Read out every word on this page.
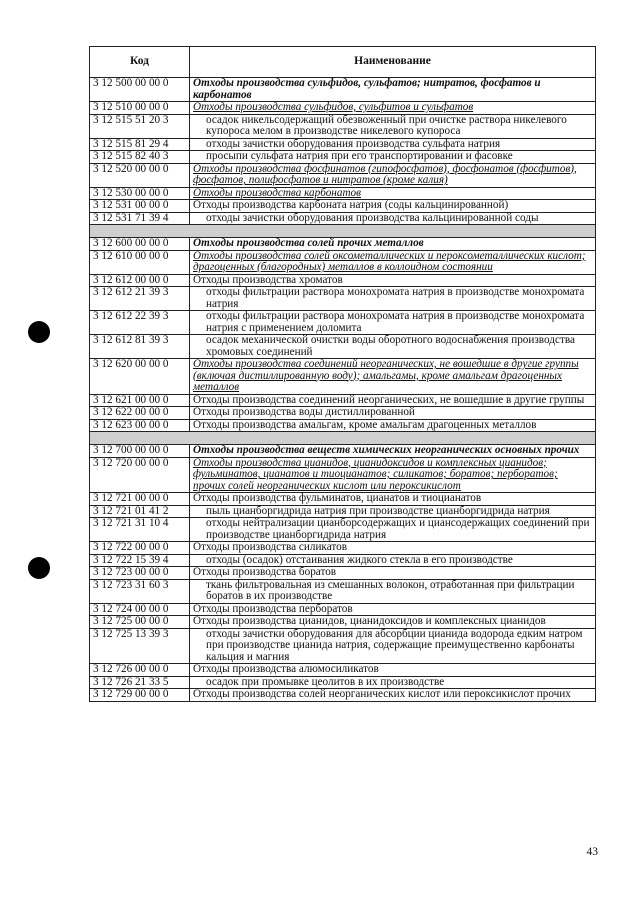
Код	Наименование
3 12 500 00 00 0	Отходы производства сульфидов, сульфатов; нитратов, фосфатов и карбонатов
3 12 510 00 00 0	Отходы производства сульфидов, сульфитов и сульфатов
3 12 515 51 20 3	осадок никельсодержащий обезвоженный при очистке раствора никелевого купороса мелом в производстве никелевого купороса
3 12 515 81 29 4	отходы зачистки оборудования производства сульфата натрия
3 12 515 82 40 3	просыпи сульфата натрия при его транспортировании и фасовке
3 12 520 00 00 0	Отходы производства фосфинатов (гипофосфатов), фосфонатов (фосфитов), фосфатов, полифосфатов и нитратов (кроме калия)
3 12 530 00 00 0	Отходы производства карбонатов
3 12 531 00 00 0	Отходы производства карбоната натрия (соды кальцинированной)
3 12 531 71 39 4	отходы зачистки оборудования производства кальцинированной соды

3 12 600 00 00 0	Отходы производства солей прочих металлов
3 12 610 00 00 0	Отходы производства солей оксометаллических и пероксометаллических кислот; драгоценных (благородных) металлов в коллоидном состоянии
3 12 612 00 00 0	Отходы производства хроматов
3 12 612 21 39 3	отходы фильтрации раствора монохромата натрия в производстве монохромата натрия
3 12 612 22 39 3	отходы фильтрации раствора монохромата натрия в производстве монохромата натрия с применением доломита
3 12 612 81 39 3	осадок механической очистки воды оборотного водоснабжения производства хромовых соединений
3 12 620 00 00 0	Отходы производства соединений неорганических, не вошедшие в другие группы (включая дистиллированную воду); амальгамы, кроме амальгам драгоценных металлов
3 12 621 00 00 0	Отходы производства соединений неорганических, не вошедшие в другие группы
3 12 622 00 00 0	Отходы производства воды дистиллированной
3 12 623 00 00 0	Отходы производства амальгам, кроме амальгам драгоценных металлов

3 12 700 00 00 0	Отходы производства веществ химических неорганических основных прочих
3 12 720 00 00 0	Отходы производства цианидов, цианидоксидов и комплексных цианидов; фульминатов, цианатов и тиоцианатов; силикатов; боратов; перборатов; прочих солей неорганических кислот или пероксикислот
3 12 721 00 00 0	Отходы производства фульминатов, цианатов и тиоцианатов
3 12 721 01 41 2	пыль цианборгидрида натрия при производстве цианборгидрида натрия
3 12 721 31 10 4	отходы нейтрализации цианборсодержащих и циансодержащих соединений при производстве цианборгидрида натрия
3 12 722 00 00 0	Отходы производства силикатов
3 12 722 15 39 4	отходы (осадок) отстаивания жидкого стекла в его производстве
3 12 723 00 00 0	Отходы производства боратов
3 12 723 31 60 3	ткань фильтровальная из смешанных волокон, отработанная при фильтрации боратов в их производстве
3 12 724 00 00 0	Отходы производства перборатов
3 12 725 00 00 0	Отходы производства цианидов, цианидоксидов и комплексных цианидов
3 12 725 13 39 3	отходы зачистки оборудования для абсорбции цианида водорода едким натром при производстве цианида натрия, содержащие преимущественно карбонаты кальция и магния
3 12 726 00 00 0	Отходы производства алюмосиликатов
3 12 726 21 33 5	осадок при промывке цеолитов в их производстве
3 12 729 00 00 0	Отходы производства солей неорганических кислот или пероксикислот прочих
43
